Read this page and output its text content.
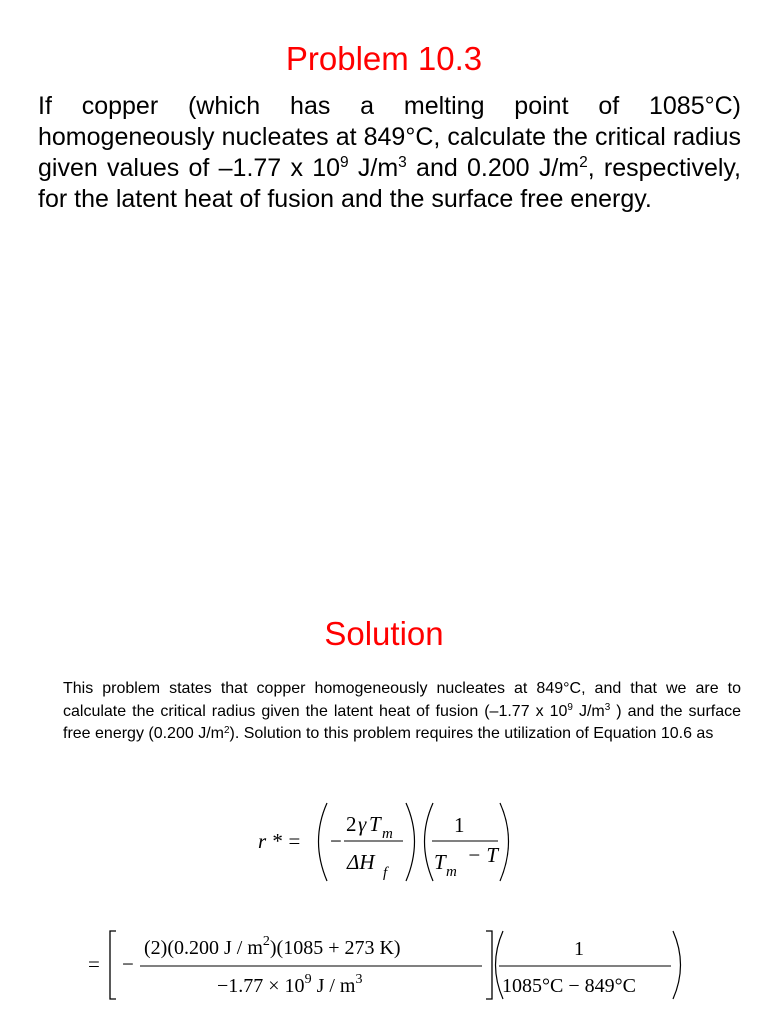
Problem 10.3

If copper (which has a melting point of 1085°C) homogeneously nucleates at 849°C, calculate the critical radius given values of –1.77 x $10^9$ $J/m^3$ and 0.200 $J/m^2$, respectively, for the latent heat of fusion and the surface free energy.

Solution

This problem states that copper homogeneously nucleates at 849°C, and that we are to calculate the critical radius given the latent heat of fusion (–1.77 x $10^9$ $J/m^3$ ) and the surface free energy (0.200 $J/m^2$). Solution to this problem requires the utilization of Equation 10.6 as

r * = −
2 γ T m
ΔH f
1
T m
− T
= −
(2)(0.200 $J / m^2)(1085 + 273$ K)
$-1.77 \times 10^9$ J / $m^3$
1
1085°C − 849°C
